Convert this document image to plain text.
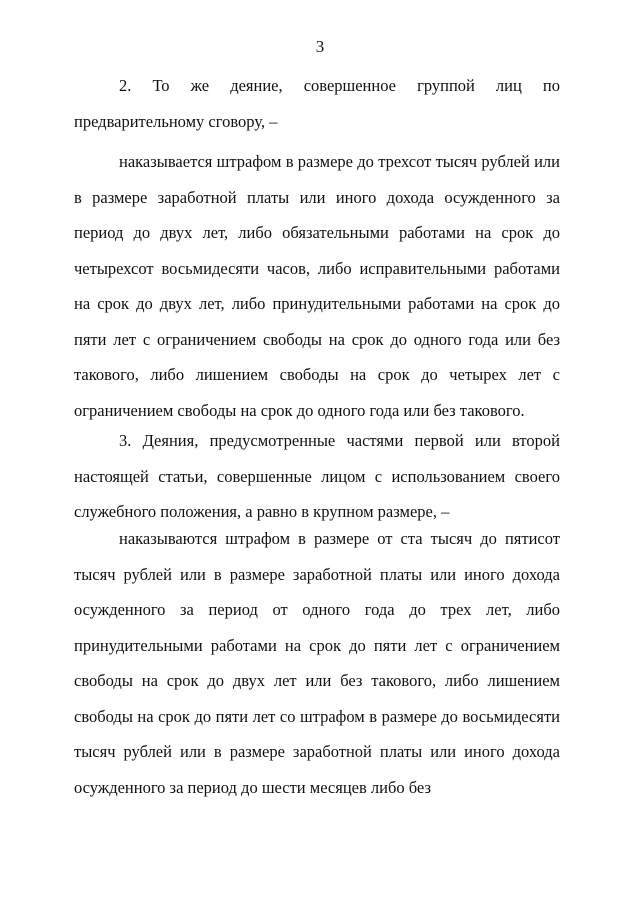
3

2. То же деяние, совершенное группой лиц по предварительному сговору, –

наказывается штрафом в размере до трехсот тысяч рублей или в размере заработной платы или иного дохода осужденного за период до двух лет, либо обязательными работами на срок до четырехсот восьмидесяти часов, либо исправительными работами на срок до двух лет, либо принудительными работами на срок до пяти лет с ограничением свободы на срок до одного года или без такового, либо лишением свободы на срок до четырех лет с ограничением свободы на срок до одного года или без такового.

3. Деяния, предусмотренные частями первой или второй настоящей статьи, совершенные лицом с использованием своего служебного положения, а равно в крупном размере, –

наказываются штрафом в размере от ста тысяч до пятисот тысяч рублей или в размере заработной платы или иного дохода осужденного за период от одного года до трех лет, либо принудительными работами на срок до пяти лет с ограничением свободы на срок до двух лет или без такового, либо лишением свободы на срок до пяти лет со штрафом в размере до восьмидесяти тысяч рублей или в размере заработной платы или иного дохода осужденного за период до шести месяцев либо без
